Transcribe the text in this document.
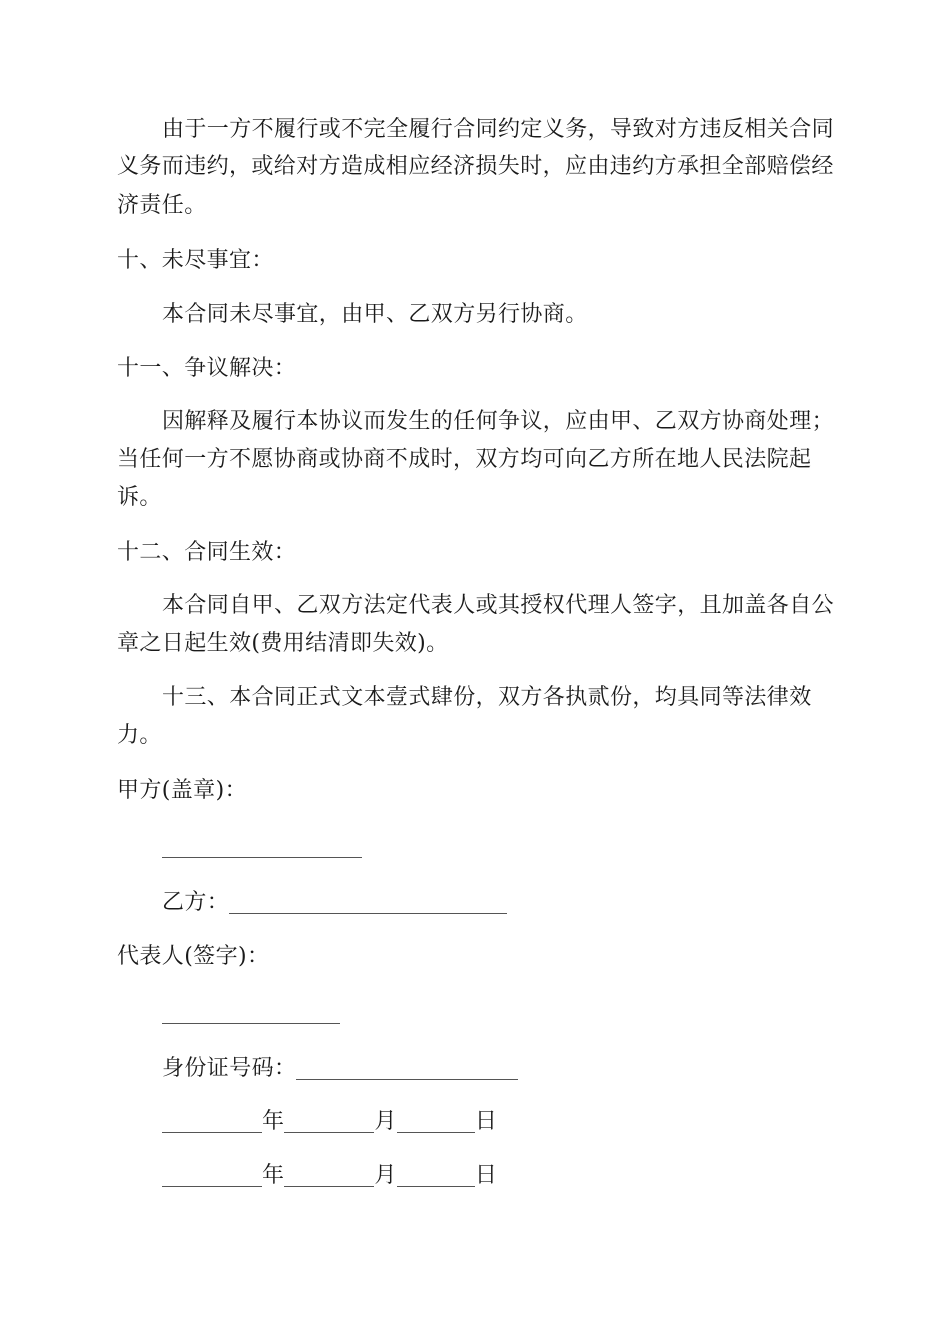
由于一方不履行或不完全履行合同约定义务，导致对方违反相关合同
义务而违约，或给对方造成相应经济损失时，应由违约方承担全部赔偿经
济责任。
十、未尽事宜：
本合同未尽事宜，由甲、乙双方另行协商。
十一、争议解决：
因解释及履行本协议而发生的任何争议，应由甲、乙双方协商处理；
当任何一方不愿协商或协商不成时，双方均可向乙方所在地人民法院起
诉。
十二、合同生效：
本合同自甲、乙双方法定代表人或其授权代理人签字，且加盖各自公
章之日起生效(费用结清即失效)。
十三、本合同正式文本壹式肆份，双方各执贰份，均具同等法律效
力。
甲方(盖章)：
乙方：
代表人(签字)：
身份证号码：
年	月	日
年	月	日
